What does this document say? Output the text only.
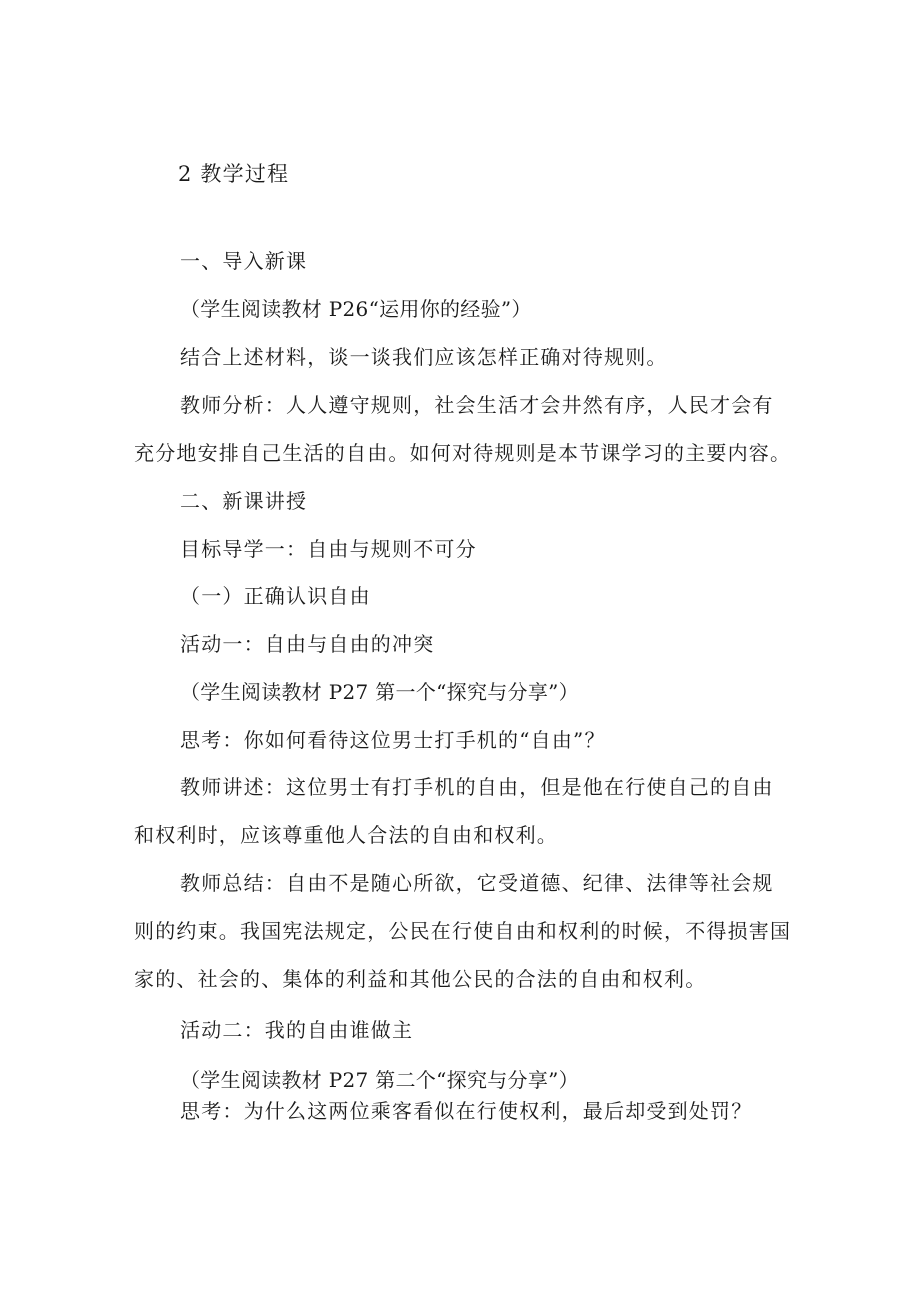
2 教学过程
一、导入新课
（学生阅读教材 P26“运用你的经验”）
结合上述材料，谈一谈我们应该怎样正确对待规则。
教师分析：人人遵守规则，社会生活才会井然有序，人民才会有
充分地安排自己生活的自由。如何对待规则是本节课学习的主要内容。
二、新课讲授
目标导学一：自由与规则不可分
（一）正确认识自由
活动一：自由与自由的冲突
（学生阅读教材 P27 第一个“探究与分享”）
思考：你如何看待这位男士打手机的“自由”？
教师讲述：这位男士有打手机的自由，但是他在行使自己的自由
和权利时，应该尊重他人合法的自由和权利。
教师总结：自由不是随心所欲，它受道德、纪律、法律等社会规
则的约束。我国宪法规定，公民在行使自由和权利的时候，不得损害国
家的、社会的、集体的利益和其他公民的合法的自由和权利。
活动二：我的自由谁做主
（学生阅读教材 P27 第二个“探究与分享”）
思考：为什么这两位乘客看似在行使权利，最后却受到处罚？
